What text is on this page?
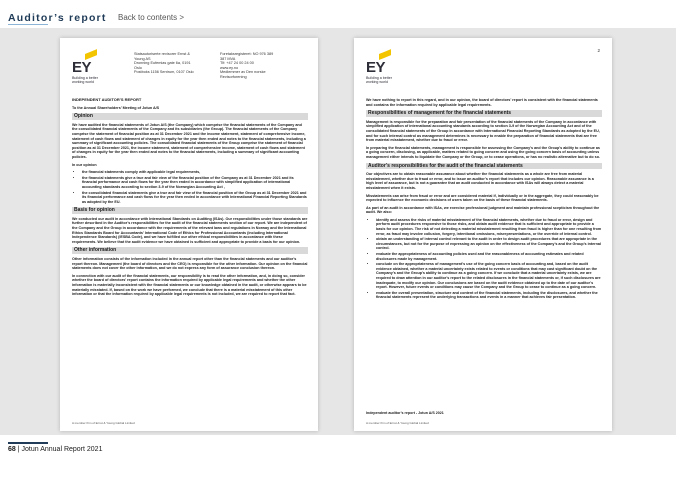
Auditor’s report Back to contents >
EY
Building a better working world
Statsautoriserte revisorer Ernst & Young AS
Dronning Eufemias gate 6a, 0191 Oslo
Postboks 1156 Sentrum, 0107 Oslo
Foretaksregisteret: NO 976 389 387 MVA
Tlf: +47 24 00 24 00
www.ey.no
Medlemmer av Den norske Revisorforening

INDEPENDENT AUDITOR’S REPORT

To the Annual Shareholders’ Meeting of Jotun A/S

Opinion

We have audited the financial statements of Jotun A/S (the Company) which comprise the financial statements of the Company and the consolidated financial statements of the Company and its subsidiaries (the Group). The financial statements of the Company comprise the statement of financial position as at 31 December 2021 and the income statement, statement of comprehensive income, statement of cash flows and statement of changes in equity for the year then ended and notes to the financial statements, including a summary of significant accounting policies. The consolidated financial statements of the Group comprise the statement of financial position as at 31 December 2021, the income statement, statement of comprehensive income, statement of cash flows and statement of changes in equity for the year then ended and notes to the financial statements, including a summary of significant accounting policies.

In our opinion

• the financial statements comply with applicable legal requirements,
• the financial statements give a true and fair view of the financial position of the Company as at 31 December 2021 and its financial performance and cash flows for the year then ended in accordance with simplified application of international accounting standards according to section 3-9 of the Norwegian Accounting Act ,
• the consolidated financial statements give a true and fair view of the financial position of the Group as at 31 December 2021 and its financial performance and cash flows for the year then ended in accordance with International Financial Reporting Standards as adopted by the EU.
Basis for opinion

We conducted our audit in accordance with International Standards on Auditing (ISAs). Our responsibilities under those standards are further described in the Auditor’s responsibilities for the audit of the financial statements section of our report. We are independent of the Company and the Group in accordance with the requirements of the relevant laws and regulations in Norway and the International Ethics Standards Board for Accountants’ International Code of Ethics for Professional Accountants (including International Independence Standards) (IESBA Code), and we have fulfilled our other ethical responsibilities in accordance with these requirements. We believe that the audit evidence we have obtained is sufficient and appropriate to provide a basis for our opinion.

Other information

Other information consists of the information included in the annual report other than the financial statements and our auditor’s report thereon. Management (the board of directors and the CEO) is responsible for the other information. Our opinion on the financial statements does not cover the other information, and we do not express any form of assurance conclusion thereon.

In connection with our audit of the financial statements, our responsibility is to read the other information, and, in doing so, consider whether the board of directors’ report contains the information required by applicable legal requirements and whether the other information is materially inconsistent with the financial statements or our knowledge obtained in the audit, or otherwise appears to be materially misstated. If, based on the work we have performed, we conclude that there is a material misstatement of this other information or that the information required by applicable legal requirements is not included, we are required to report that fact.

A member firm of Ernst & Young Global Limited
2
EY
Building a better working world

We have nothing to report in this regard, and in our opinion, the board of directors’ report is consistent with the financial statements and contains the information required by applicable legal requirements.

Responsibilities of management for the financial statements

Management is responsible for the preparation and fair presentation of the financial statements of the Company in accordance with simplified application of international accounting standards according to section 3-9 of the Norwegian Accounting Act and of the consolidated financial statements of the Group in accordance with International Financial Reporting Standards as adopted by the EU, and for such internal control as management determines is necessary to enable the preparation of financial statements that are free from material misstatement, whether due to fraud or error.

In preparing the financial statements, management is responsible for assessing the Company’s and the Group’s ability to continue as a going concern, disclosing, as applicable, matters related to going concern and using the going concern basis of accounting unless management either intends to liquidate the Company or the Group, or to cease operations, or has no realistic alternative but to do so.

Auditor’s responsibilities for the audit of the financial statements

Our objectives are to obtain reasonable assurance about whether the financial statements as a whole are free from material misstatement, whether due to fraud or error, and to issue an auditor’s report that includes our opinion. Reasonable assurance is a high level of assurance, but is not a guarantee that an audit conducted in accordance with ISAs will always detect a material misstatement when it exists.

Misstatements can arise from fraud or error and are considered material if, individually or in the aggregate, they could reasonably be expected to influence the economic decisions of users taken on the basis of these financial statements.

As part of an audit in accordance with ISAs, we exercise professional judgment and maintain professional scepticism throughout the audit. We also:

• identify and assess the risks of material misstatement of the financial statements, whether due to fraud or error, design and perform audit procedures responsive to those risks, and obtain audit evidence that is sufficient and appropriate to provide a basis for our opinion. The risk of not detecting a material misstatement resulting from fraud is higher than for one resulting from error, as fraud may involve collusion, forgery, intentional omissions, misrepresentations, or the override of internal control.
• obtain an understanding of internal control relevant to the audit in order to design audit procedures that are appropriate in the circumstances, but not for the purpose of expressing an opinion on the effectiveness of the Company’s and the Group’s internal control.
• evaluate the appropriateness of accounting policies used and the reasonableness of accounting estimates and related disclosures made by management.
• conclude on the appropriateness of management’s use of the going concern basis of accounting and, based on the audit evidence obtained, whether a material uncertainty exists related to events or conditions that may cast significant doubt on the Company’s and the Group’s ability to continue as a going concern. If we conclude that a material uncertainty exists, we are required to draw attention in our auditor’s report to the related disclosures in the financial statements or, if such disclosures are inadequate, to modify our opinion. Our conclusions are based on the audit evidence obtained up to the date of our auditor’s report. However, future events or conditions may cause the Company and the Group to cease to continue as a going concern.
• evaluate the overall presentation, structure and content of the financial statements, including the disclosures, and whether the financial statements represent the underlying transactions and events in a manner that achieves fair presentation.
Independent auditor’s report - Jotun A/S 2021
A member firm of Ernst & Young Global Limited
68 | Jotun Annual Report 2021
